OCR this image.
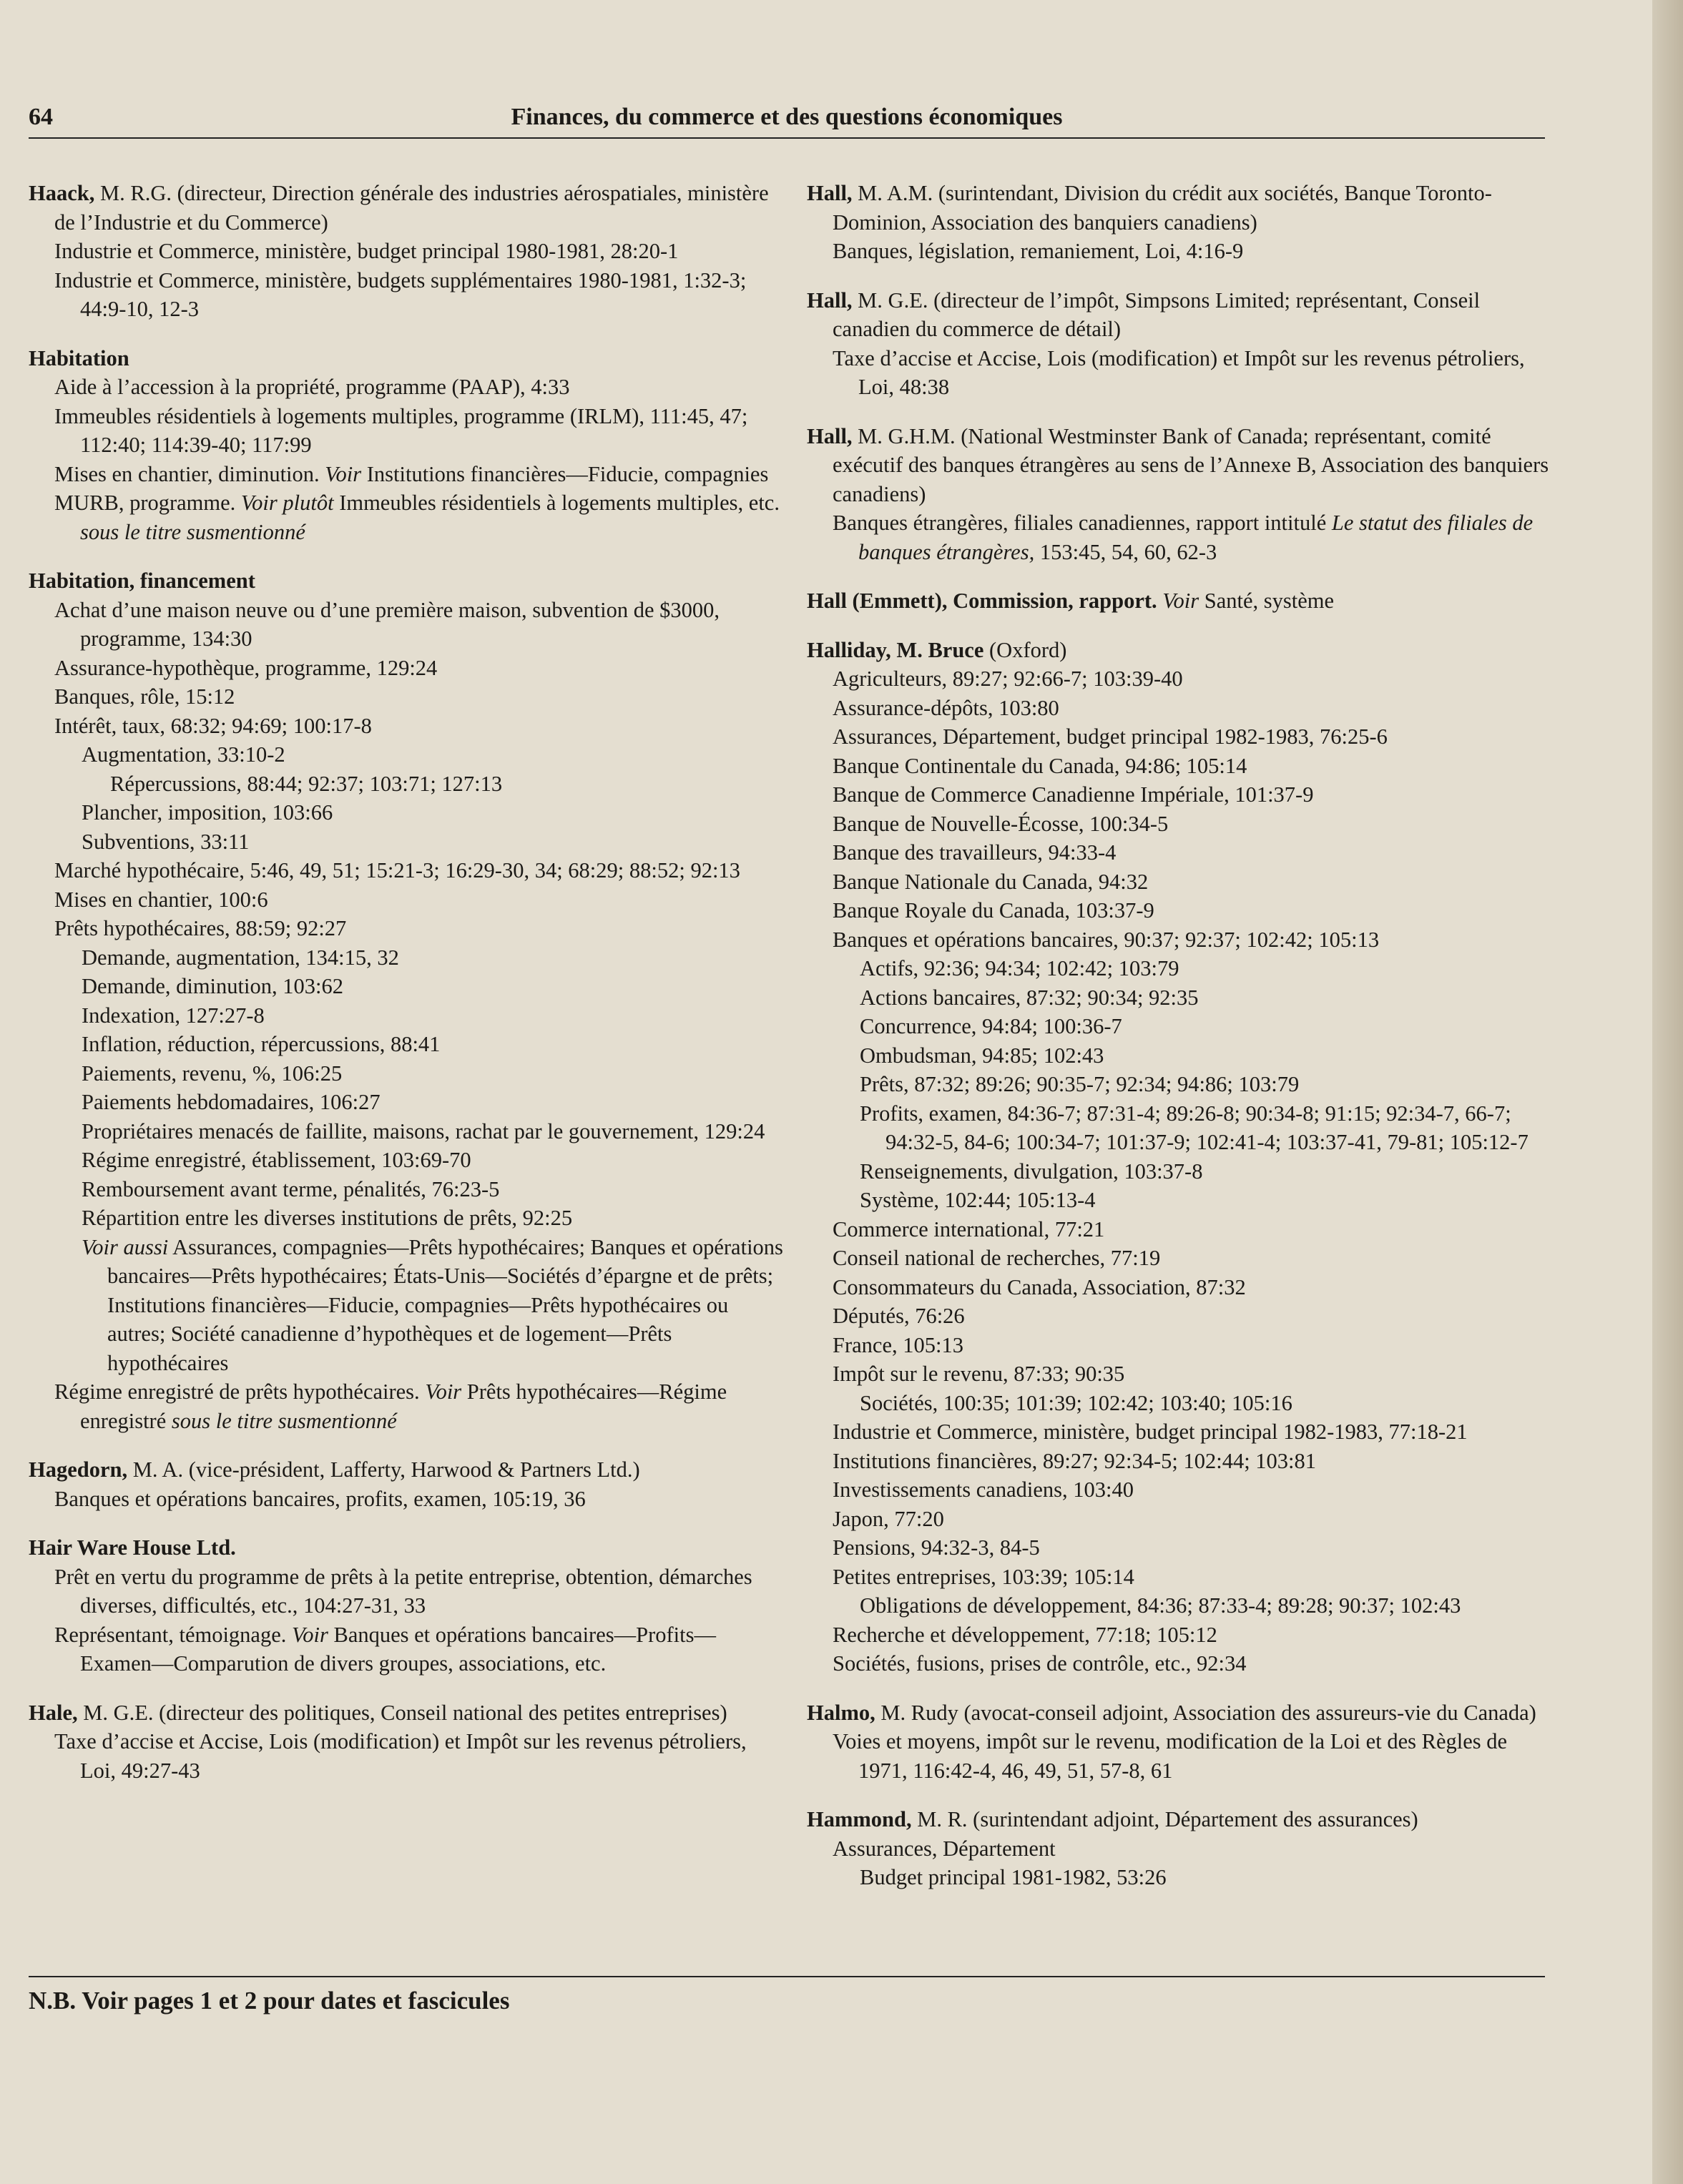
64	Finances, du commerce et des questions économiques
Haack, M. R.G. (directeur, Direction générale des industries aérospatiales, ministère de l’Industrie et du Commerce)
Industrie et Commerce, ministère, budget principal 1980-1981, 28:20-1
Industrie et Commerce, ministère, budgets supplémentaires 1980-1981, 1:32-3; 44:9-10, 12-3
Habitation
Aide à l’accession à la propriété, programme (PAAP), 4:33
Immeubles résidentiels à logements multiples, programme (IRLM), 111:45, 47; 112:40; 114:39-40; 117:99
Mises en chantier, diminution. Voir Institutions financières—Fiducie, compagnies
MURB, programme. Voir plutôt Immeubles résidentiels à logements multiples, etc. sous le titre susmentionné
Habitation, financement
Achat d’une maison neuve ou d’une première maison, subvention de $3000, programme, 134:30
Assurance-hypothèque, programme, 129:24
Banques, rôle, 15:12
Intérêt, taux, 68:32; 94:69; 100:17-8
Augmentation, 33:10-2
Répercussions, 88:44; 92:37; 103:71; 127:13
Plancher, imposition, 103:66
Subventions, 33:11
Marché hypothécaire, 5:46, 49, 51; 15:21-3; 16:29-30, 34; 68:29; 88:52; 92:13
Mises en chantier, 100:6
Prêts hypothécaires, 88:59; 92:27
Demande, augmentation, 134:15, 32
Demande, diminution, 103:62
Indexation, 127:27-8
Inflation, réduction, répercussions, 88:41
Paiements, revenu, %, 106:25
Paiements hebdomadaires, 106:27
Propriétaires menacés de faillite, maisons, rachat par le gouvernement, 129:24
Régime enregistré, établissement, 103:69-70
Remboursement avant terme, pénalités, 76:23-5
Répartition entre les diverses institutions de prêts, 92:25
Voir aussi Assurances, compagnies—Prêts hypothécaires; Banques et opérations bancaires—Prêts hypothécaires; États-Unis—Sociétés d’épargne et de prêts; Institutions financières—Fiducie, compagnies—Prêts hypothécaires ou autres; Société canadienne d’hypothèques et de logement—Prêts hypothécaires
Régime enregistré de prêts hypothécaires. Voir Prêts hypothécaires—Régime enregistré sous le titre susmentionné
Hagedorn, M. A. (vice-président, Lafferty, Harwood & Partners Ltd.)
Banques et opérations bancaires, profits, examen, 105:19, 36
Hair Ware House Ltd.
Prêt en vertu du programme de prêts à la petite entreprise, obtention, démarches diverses, difficultés, etc., 104:27-31, 33
Représentant, témoignage. Voir Banques et opérations bancaires—Profits—Examen—Comparution de divers groupes, associations, etc.
Hale, M. G.E. (directeur des politiques, Conseil national des petites entreprises)
Taxe d’accise et Accise, Lois (modification) et Impôt sur les revenus pétroliers, Loi, 49:27-43
Hall, M. A.M. (surintendant, Division du crédit aux sociétés, Banque Toronto-Dominion, Association des banquiers canadiens)
Banques, législation, remaniement, Loi, 4:16-9
Hall, M. G.E. (directeur de l’impôt, Simpsons Limited; représentant, Conseil canadien du commerce de détail)
Taxe d’accise et Accise, Lois (modification) et Impôt sur les revenus pétroliers, Loi, 48:38
Hall, M. G.H.M. (National Westminster Bank of Canada; représentant, comité exécutif des banques étrangères au sens de l’Annexe B, Association des banquiers canadiens)
Banques étrangères, filiales canadiennes, rapport intitulé Le statut des filiales de banques étrangères, 153:45, 54, 60, 62-3
Hall (Emmett), Commission, rapport. Voir Santé, système
Halliday, M. Bruce (Oxford)
Agriculteurs, 89:27; 92:66-7; 103:39-40
Assurance-dépôts, 103:80
Assurances, Département, budget principal 1982-1983, 76:25-6
Banque Continentale du Canada, 94:86; 105:14
Banque de Commerce Canadienne Impériale, 101:37-9
Banque de Nouvelle-Écosse, 100:34-5
Banque des travailleurs, 94:33-4
Banque Nationale du Canada, 94:32
Banque Royale du Canada, 103:37-9
Banques et opérations bancaires, 90:37; 92:37; 102:42; 105:13
Actifs, 92:36; 94:34; 102:42; 103:79
Actions bancaires, 87:32; 90:34; 92:35
Concurrence, 94:84; 100:36-7
Ombudsman, 94:85; 102:43
Prêts, 87:32; 89:26; 90:35-7; 92:34; 94:86; 103:79
Profits, examen, 84:36-7; 87:31-4; 89:26-8; 90:34-8; 91:15; 92:34-7, 66-7; 94:32-5, 84-6; 100:34-7; 101:37-9; 102:41-4; 103:37-41, 79-81; 105:12-7
Renseignements, divulgation, 103:37-8
Système, 102:44; 105:13-4
Commerce international, 77:21
Conseil national de recherches, 77:19
Consommateurs du Canada, Association, 87:32
Députés, 76:26
France, 105:13
Impôt sur le revenu, 87:33; 90:35
Sociétés, 100:35; 101:39; 102:42; 103:40; 105:16
Industrie et Commerce, ministère, budget principal 1982-1983, 77:18-21
Institutions financières, 89:27; 92:34-5; 102:44; 103:81
Investissements canadiens, 103:40
Japon, 77:20
Pensions, 94:32-3, 84-5
Petites entreprises, 103:39; 105:14
Obligations de développement, 84:36; 87:33-4; 89:28; 90:37; 102:43
Recherche et développement, 77:18; 105:12
Sociétés, fusions, prises de contrôle, etc., 92:34
Halmo, M. Rudy (avocat-conseil adjoint, Association des assureurs-vie du Canada)
Voies et moyens, impôt sur le revenu, modification de la Loi et des Règles de 1971, 116:42-4, 46, 49, 51, 57-8, 61
Hammond, M. R. (surintendant adjoint, Département des assurances)
Assurances, Département
Budget principal 1981-1982, 53:26
N.B. Voir pages 1 et 2 pour dates et fascicules
